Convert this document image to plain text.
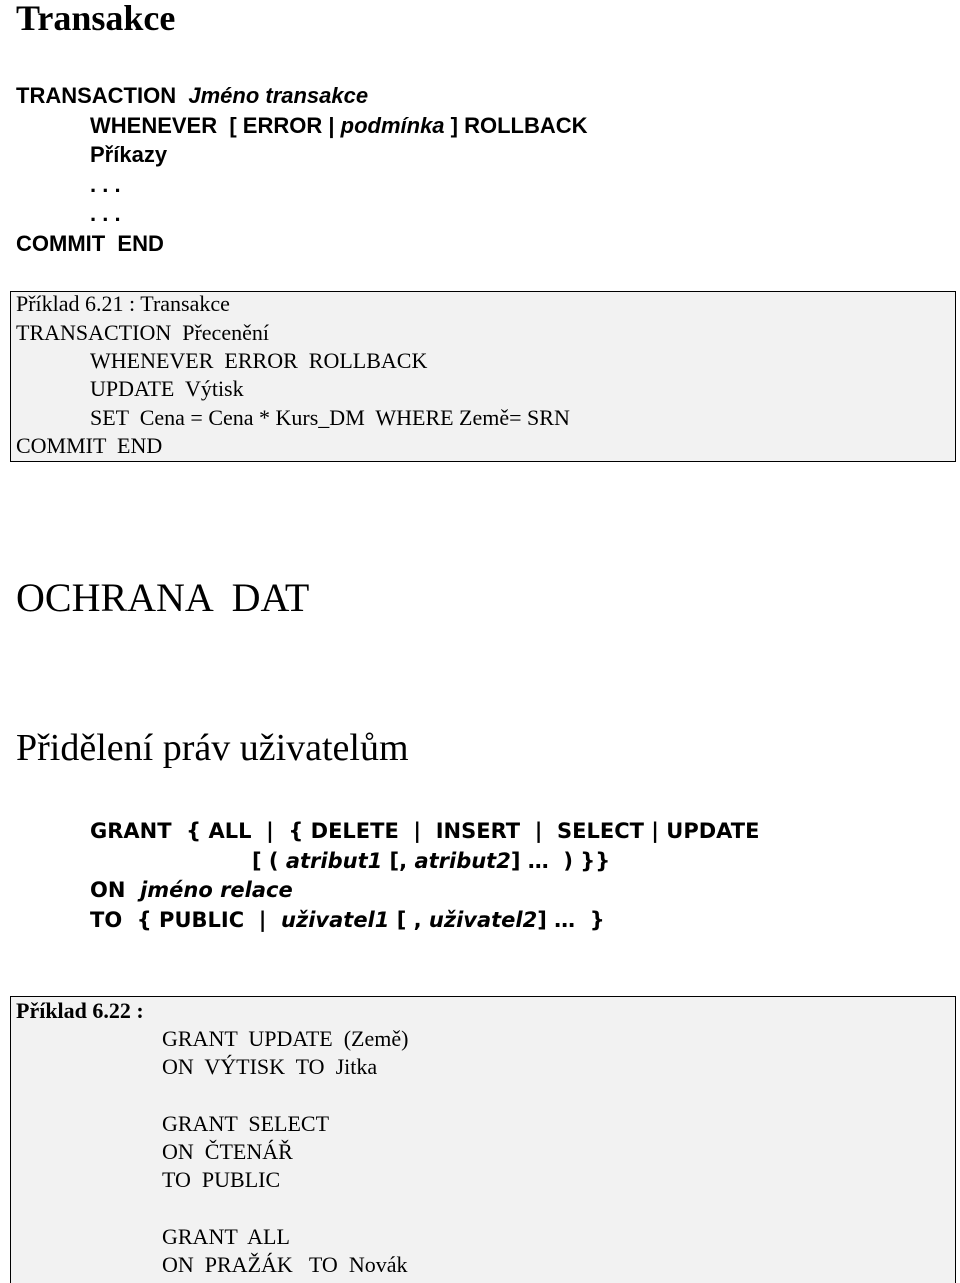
Transakce
TRANSACTION Jméno transakce
WHENEVER  [ ERROR | podmínka ] ROLLBACK
Příkazy
. . .
. . .
COMMIT  END
Příklad 6.21 : Transakce
TRANSACTION  Přecenění
WHENEVER  ERROR  ROLLBACK
UPDATE  Výtisk
SET  Cena = Cena * Kurs_DM  WHERE Země= SRN
COMMIT  END
OCHRANA  DAT
Přidělení práv uživatelům
GRANT  { ALL  |  { DELETE  |  INSERT  |  SELECT | UPDATE
[ ( atribut1 [, atribut2] …  ) }}
ON jméno relace
TO  { PUBLIC  | uživatel1 [ , uživatel2] …  }
Příklad 6.22 :
GRANT  UPDATE  (Země)
ON  VÝTISK  TO  Jitka
GRANT  SELECT
ON  ČTENÁŘ
TO  PUBLIC
GRANT  ALL
ON  PRAŽÁK   TO  Novák
